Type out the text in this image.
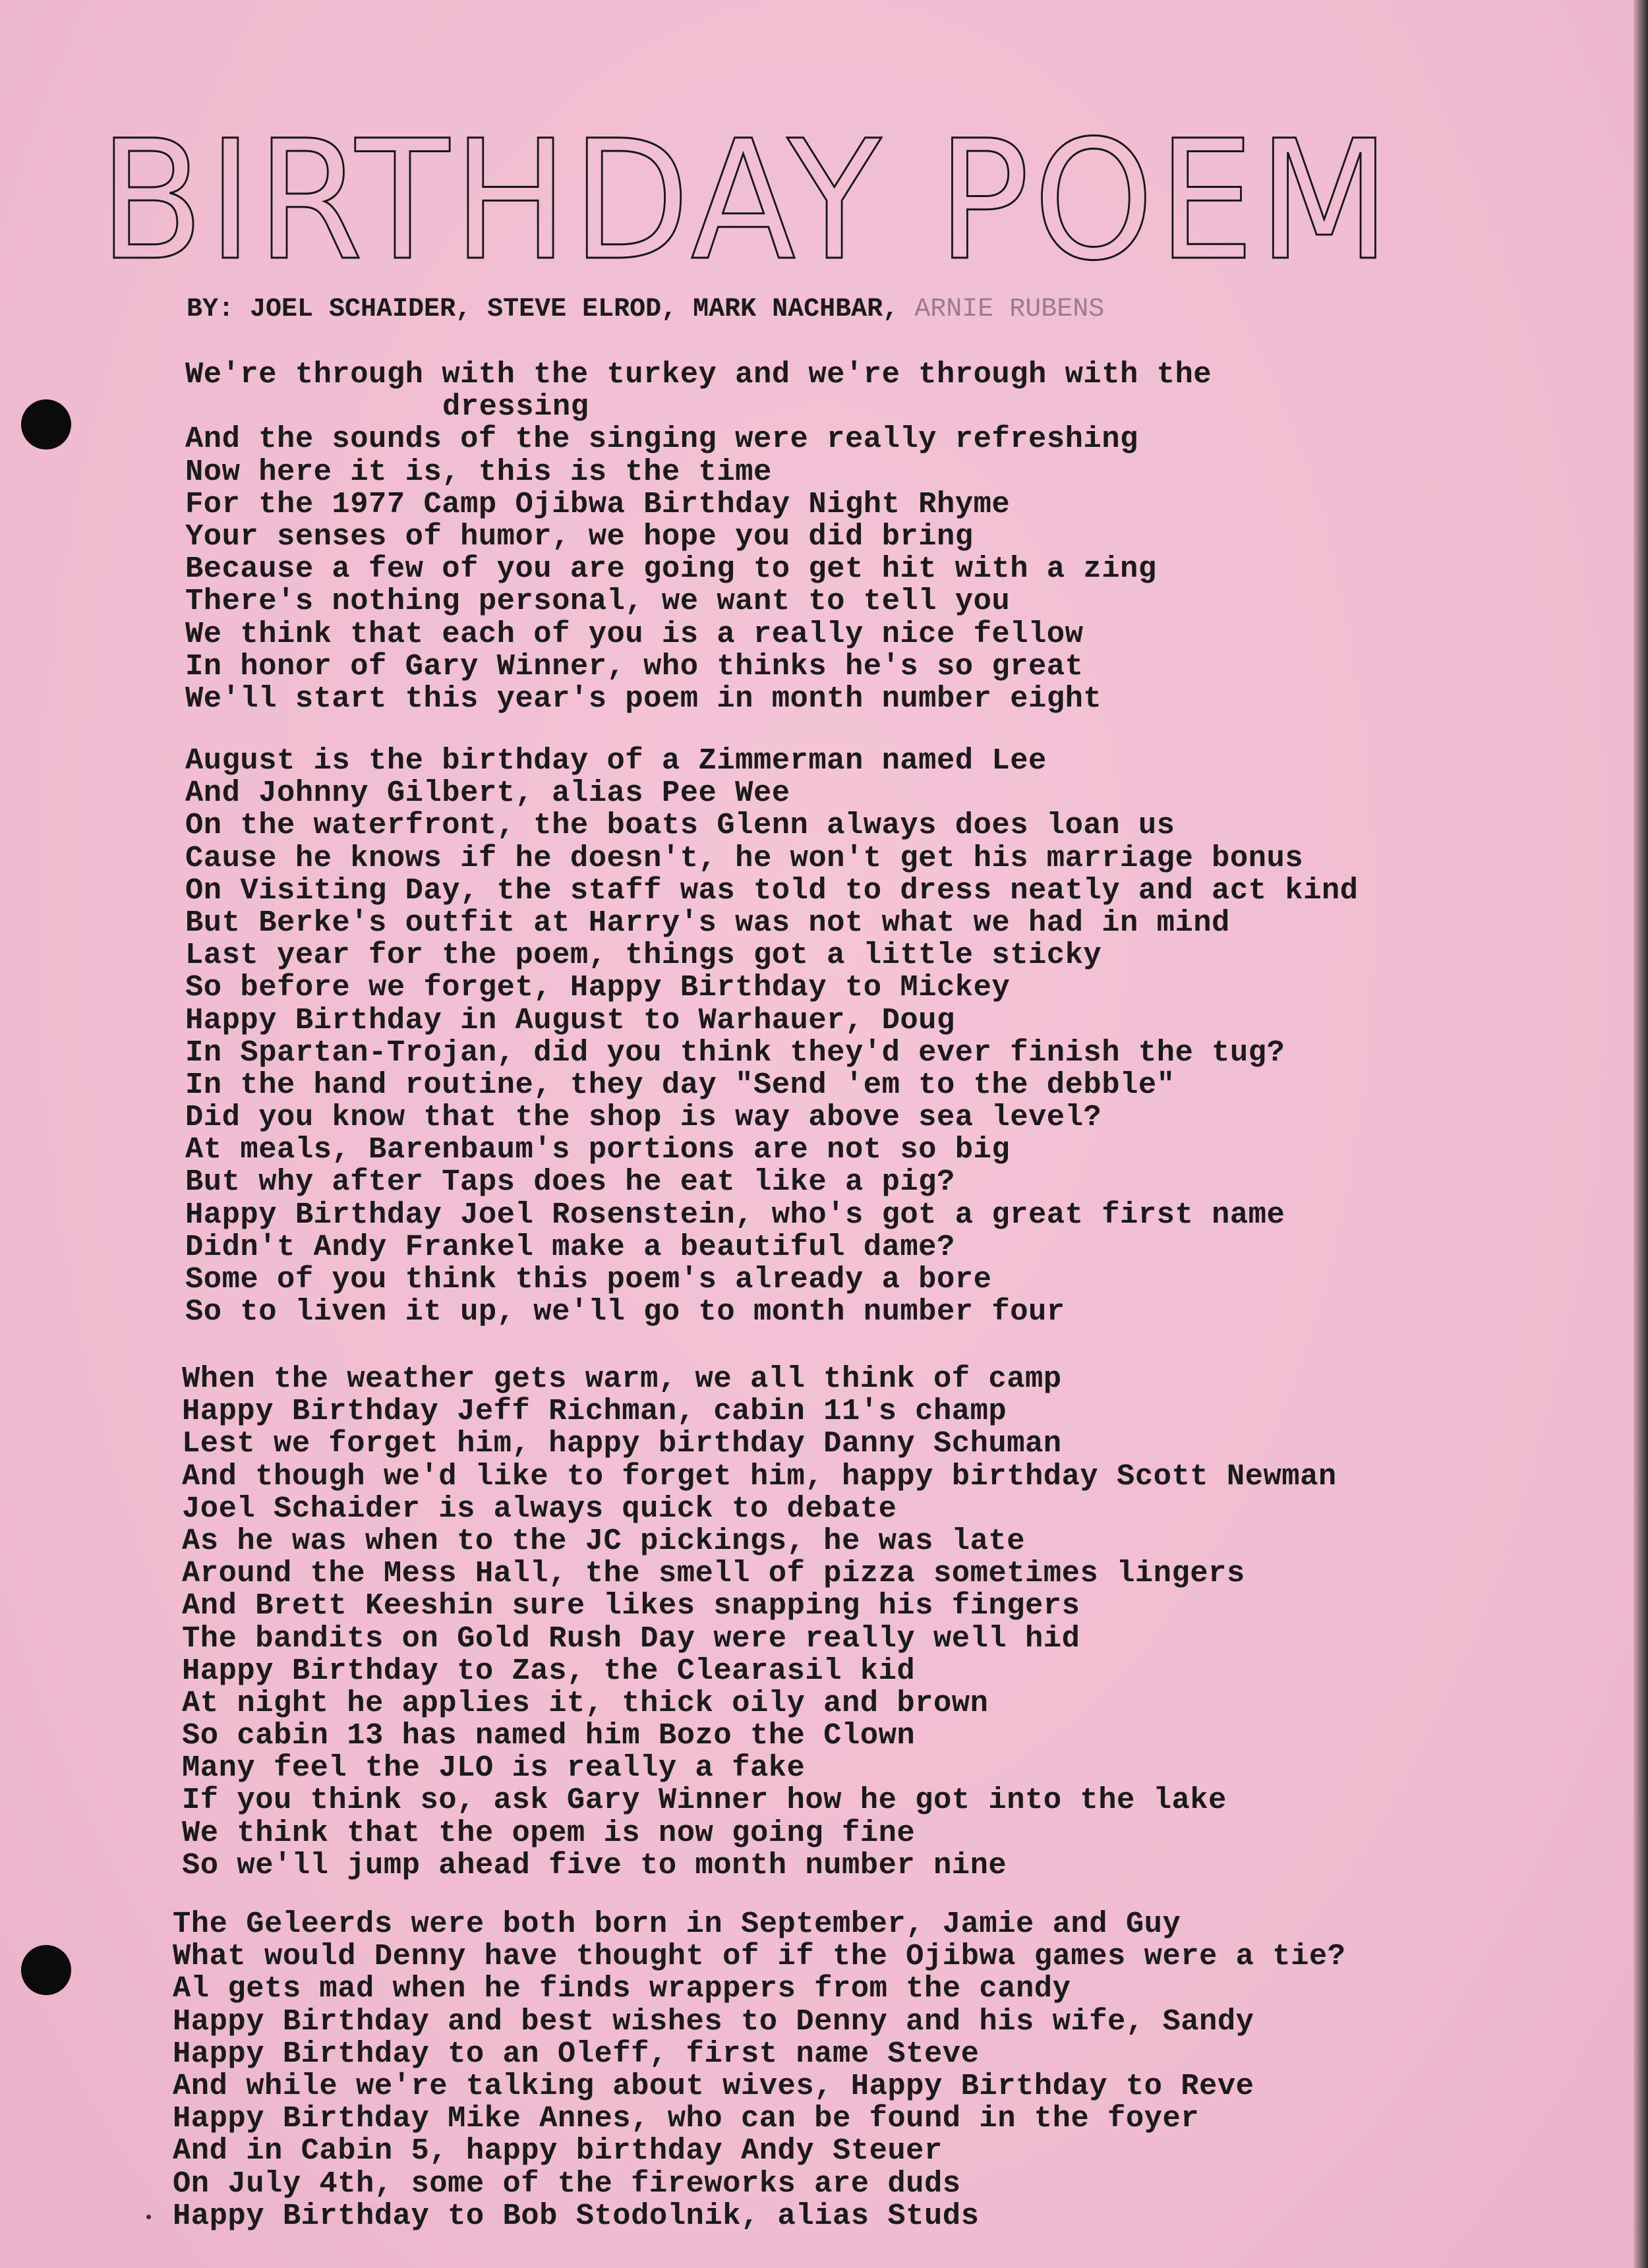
BIRTHDAY POEM
BY: JOEL SCHAIDER, STEVE ELROD, MARK NACHBAR, ARNIE RUBENS
We're through with the turkey and we're through with the
dressing
And the sounds of the singing were really refreshing
Now here it is, this is the time
For the 1977 Camp Ojibwa Birthday Night Rhyme
Your senses of humor, we hope you did bring
Because a few of you are going to get hit with a zing
There's nothing personal, we want to tell you
We think that each of you is a really nice fellow
In honor of Gary Winner, who thinks he's so great
We'll start this year's poem in month number eight
August is the birthday of a Zimmerman named Lee
And Johnny Gilbert, alias Pee Wee
On the waterfront, the boats Glenn always does loan us
Cause he knows if he doesn't, he won't get his marriage bonus
On Visiting Day, the staff was told to dress neatly and act kind
But Berke's outfit at Harry's was not what we had in mind
Last year for the poem, things got a little sticky
So before we forget, Happy Birthday to Mickey
Happy Birthday in August to Warhauer, Doug
In Spartan-Trojan, did you think they'd ever finish the tug?
In the hand routine, they day "Send 'em to the debble"
Did you know that the shop is way above sea level?
At meals, Barenbaum's portions are not so big
But why after Taps does he eat like a pig?
Happy Birthday Joel Rosenstein, who's got a great first name
Didn't Andy Frankel make a beautiful dame?
Some of you think this poem's already a bore
So to liven it up, we'll go to month number four
When the weather gets warm, we all think of camp
Happy Birthday Jeff Richman, cabin 11's champ
Lest we forget him, happy birthday Danny Schuman
And though we'd like to forget him, happy birthday Scott Newman
Joel Schaider is always quick to debate
As he was when to the JC pickings, he was late
Around the Mess Hall, the smell of pizza sometimes lingers
And Brett Keeshin sure likes snapping his fingers
The bandits on Gold Rush Day were really well hid
Happy Birthday to Zas, the Clearasil kid
At night he applies it, thick oily and brown
So cabin 13 has named him Bozo the Clown
Many feel the JLO is really a fake
If you think so, ask Gary Winner how he got into the lake
We think that the opem is now going fine
So we'll jump ahead five to month number nine
The Geleerds were both born in September, Jamie and Guy
What would Denny have thought of if the Ojibwa games were a tie?
Al gets mad when he finds wrappers from the candy
Happy Birthday and best wishes to Denny and his wife, Sandy
Happy Birthday to an Oleff, first name Steve
And while we're talking about wives, Happy Birthday to Reve
Happy Birthday Mike Annes, who can be found in the foyer
And in Cabin 5, happy birthday Andy Steuer
On July 4th, some of the fireworks are duds
Happy Birthday to Bob Stodolnik, alias Studs
